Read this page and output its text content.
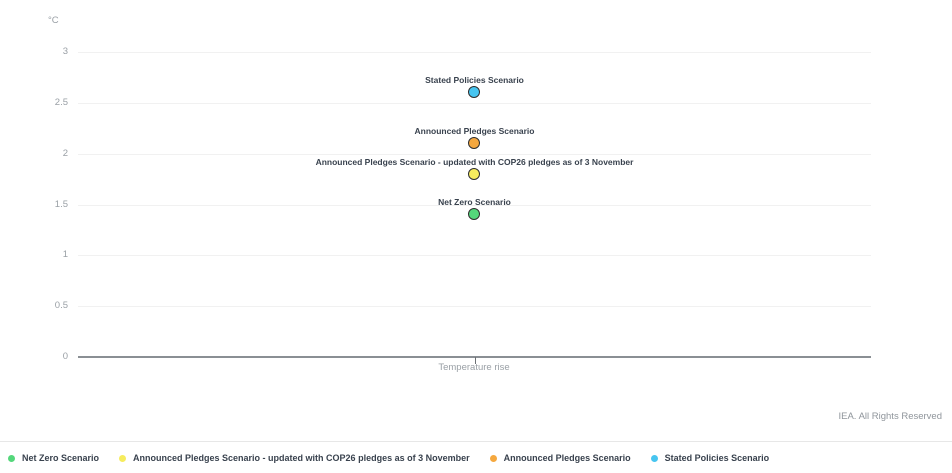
°C
0
0.5
1
1.5
2
2.5
3
Stated Policies Scenario
Announced Pledges Scenario
Announced Pledges Scenario - updated with COP26 pledges as of 3 November
Net Zero Scenario
Temperature rise
IEA. All Rights Reserved
Net Zero Scenario	Announced Pledges Scenario - updated with COP26 pledges as of 3 November	Announced Pledges Scenario	Stated Policies Scenario
